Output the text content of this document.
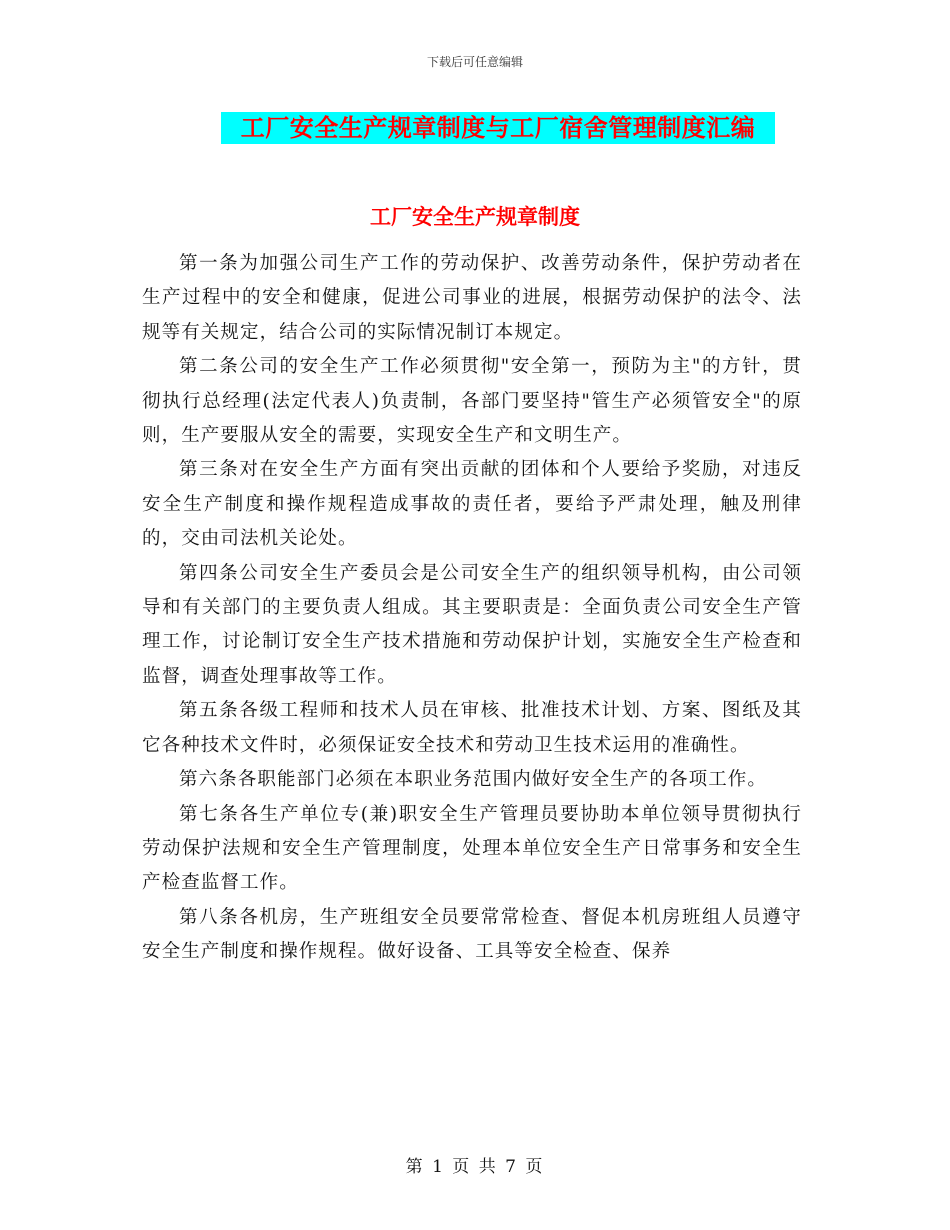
下载后可任意编辑
工厂安全生产规章制度与工厂宿舍管理制度汇编
工厂安全生产规章制度

第一条为加强公司生产工作的劳动保护、改善劳动条件，保护劳动者在生产过程中的安全和健康，促进公司事业的进展，根据劳动保护的法令、法规等有关规定，结合公司的实际情况制订本规定。

第二条公司的安全生产工作必须贯彻"安全第一，预防为主"的方针，贯彻执行总经理(法定代表人)负责制，各部门要坚持"管生产必须管安全"的原则，生产要服从安全的需要，实现安全生产和文明生产。

第三条对在安全生产方面有突出贡献的团体和个人要给予奖励，对违反安全生产制度和操作规程造成事故的责任者，要给予严肃处理，触及刑律的，交由司法机关论处。

第四条公司安全生产委员会是公司安全生产的组织领导机构，由公司领导和有关部门的主要负责人组成。其主要职责是：全面负责公司安全生产管理工作，讨论制订安全生产技术措施和劳动保护计划，实施安全生产检查和监督，调查处理事故等工作。

第五条各级工程师和技术人员在审核、批准技术计划、方案、图纸及其它各种技术文件时，必须保证安全技术和劳动卫生技术运用的准确性。

第六条各职能部门必须在本职业务范围内做好安全生产的各项工作。

第七条各生产单位专(兼)职安全生产管理员要协助本单位领导贯彻执行劳动保护法规和安全生产管理制度，处理本单位安全生产日常事务和安全生产检查监督工作。

第八条各机房，生产班组安全员要常常检查、督促本机房班组人员遵守安全生产制度和操作规程。做好设备、工具等安全检查、保养

第 1 页 共 7 页
